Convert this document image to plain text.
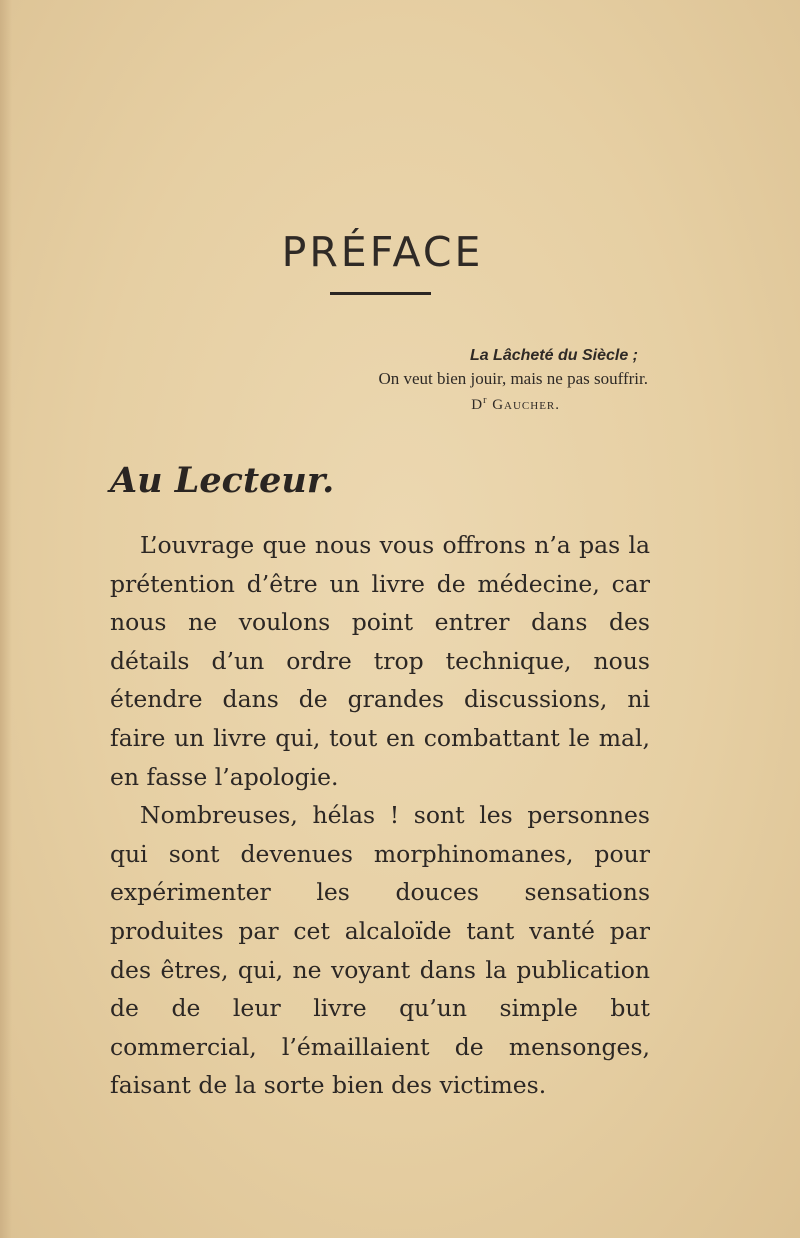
PRÉFACE
La Lâcheté du Siècle ;
On veut bien jouir, mais ne pas souffrir.
$D^r$ Gaucher.
Au Lecteur.

L’ouvrage que nous vous offrons n’a pas la prétention d’être un livre de médecine, car nous ne voulons point entrer dans des détails d’un ordre trop technique, nous étendre dans de grandes discussions, ni faire un livre qui, tout en combattant le mal, en fasse l’apologie.

Nombreuses, hélas ! sont les personnes qui sont devenues morphinomanes, pour expérimenter les douces sensations produites par cet alcaloïde tant vanté par des êtres, qui, ne voyant dans la publication de de leur livre qu’un simple but commercial, l’émaillaient de mensonges, faisant de la sorte bien des victimes.
